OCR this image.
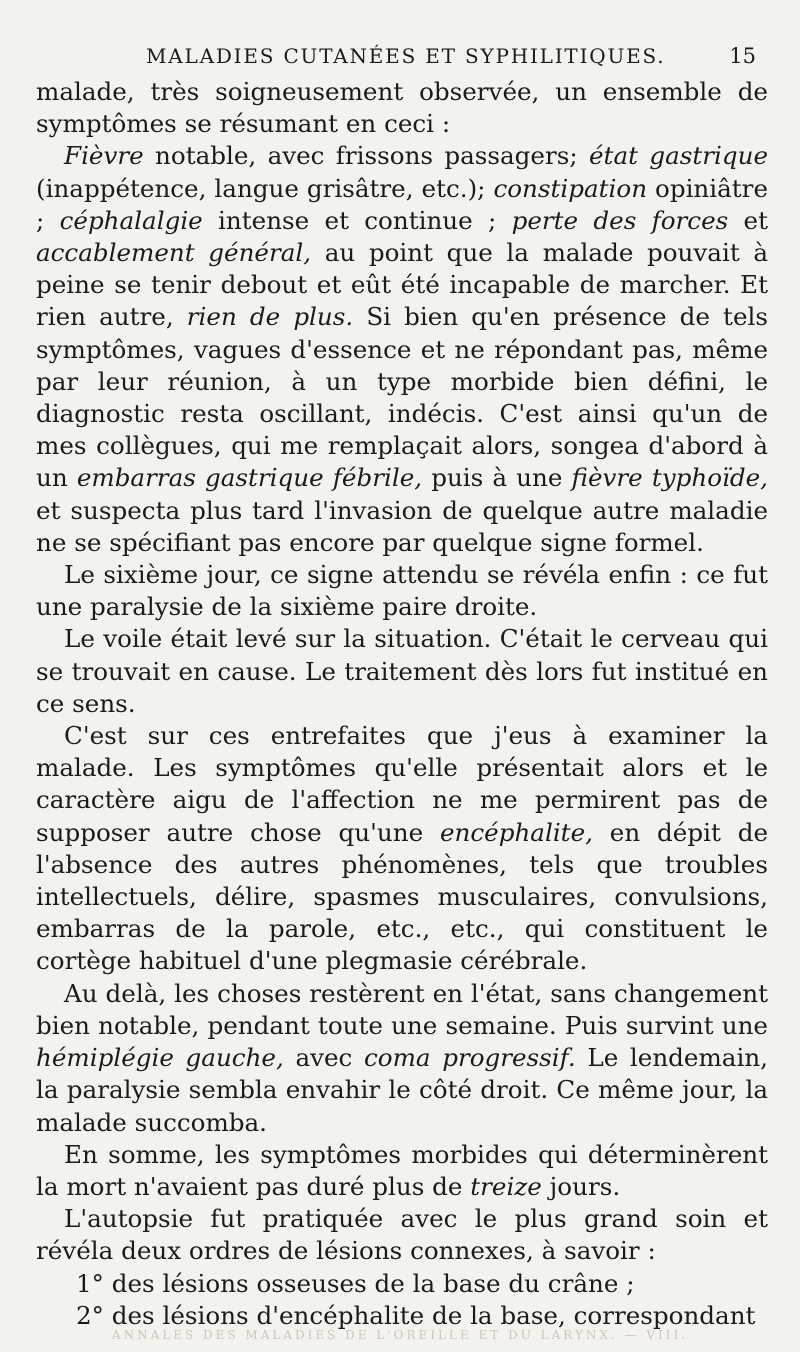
MALADIES CUTANÉES ET SYPHILITIQUES.	15

malade, très soigneusement observée, un ensemble de symptômes se résumant en ceci :

Fièvre notable, avec frissons passagers; état gastrique (inappétence, langue grisâtre, etc.); constipation opiniâtre ; céphalalgie intense et continue ; perte des forces et accablement général, au point que la malade pouvait à peine se tenir debout et eût été incapable de marcher. Et rien autre, rien de plus. Si bien qu'en présence de tels symptômes, vagues d'essence et ne répondant pas, même par leur réunion, à un type morbide bien défini, le diagnostic resta oscillant, indécis. C'est ainsi qu'un de mes collègues, qui me remplaçait alors, songea d'abord à un embarras gastrique fébrile, puis à une fièvre typhoïde, et suspecta plus tard l'invasion de quelque autre maladie ne se spécifiant pas encore par quelque signe formel.

Le sixième jour, ce signe attendu se révéla enfin : ce fut une paralysie de la sixième paire droite.

Le voile était levé sur la situation. C'était le cerveau qui se trouvait en cause. Le traitement dès lors fut institué en ce sens.

C'est sur ces entrefaites que j'eus à examiner la malade. Les symptômes qu'elle présentait alors et le caractère aigu de l'affection ne me permirent pas de supposer autre chose qu'une encéphalite, en dépit de l'absence des autres phénomènes, tels que troubles intellectuels, délire, spasmes musculaires, convulsions, embarras de la parole, etc., etc., qui constituent le cortège habituel d'une plegmasie cérébrale.

Au delà, les choses restèrent en l'état, sans changement bien notable, pendant toute une semaine. Puis survint une hémiplégie gauche, avec coma progressif. Le lendemain, la paralysie sembla envahir le côté droit. Ce même jour, la malade succomba.

En somme, les symptômes morbides qui déterminèrent la mort n'avaient pas duré plus de treize jours.

L'autopsie fut pratiquée avec le plus grand soin et révéla deux ordres de lésions connexes, à savoir :

1° des lésions osseuses de la base du crâne ;

2° des lésions d'encéphalite de la base, correspondant

ANNALES DES MALADIES DE L'OREILLE ET DU LARYNX. — VIII.
